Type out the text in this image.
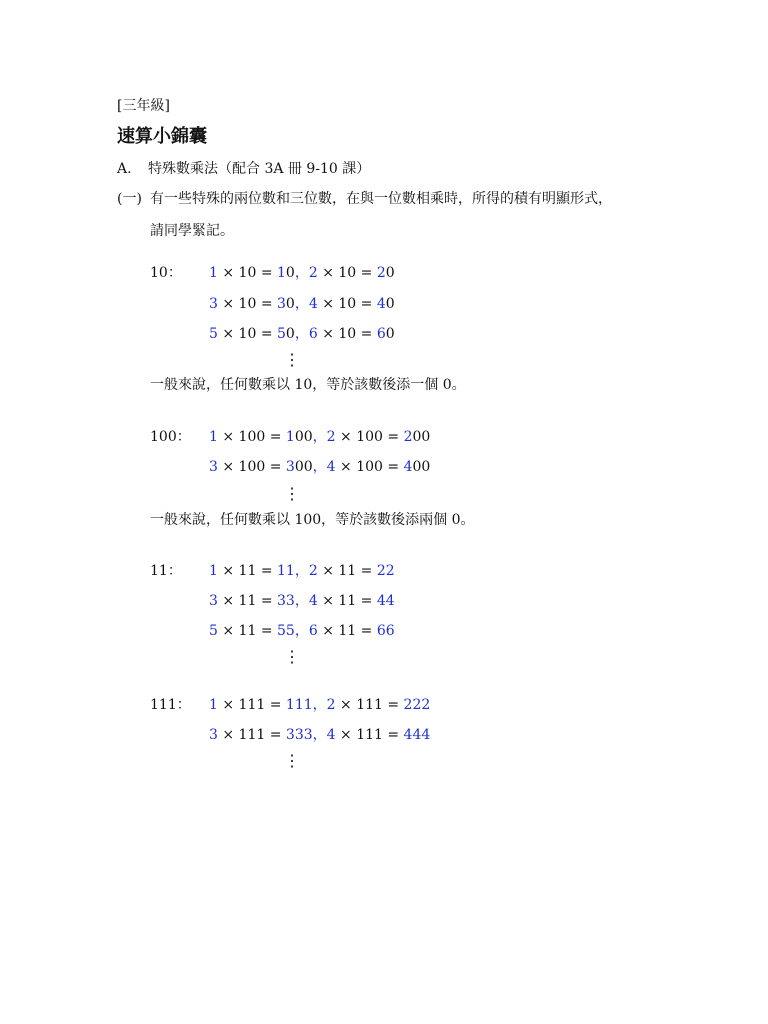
[三年級]
速算小錦囊
A. 特殊數乘法（配合 3A 冊 9-10 課）
(一) 有一些特殊的兩位數和三位數，在與一位數相乘時，所得的積有明顯形式，
請同學緊記。
10： 1 × 10 = 10，2 × 10 = 20
3 × 10 = 30，4 × 10 = 40
5 × 10 = 50，6 × 10 = 60
⋮
一般來說，任何數乘以 10，等於該數後添一個 0。
100： 1 × 100 = 100，2 × 100 = 200
3 × 100 = 300，4 × 100 = 400
⋮
一般來說，任何數乘以 100，等於該數後添兩個 0。
11： 1 × 11 = 11，2 × 11 = 22
3 × 11 = 33，4 × 11 = 44
5 × 11 = 55，6 × 11 = 66
⋮
111： 1 × 111 = 111，2 × 111 = 222
3 × 111 = 333，4 × 111 = 444
⋮
